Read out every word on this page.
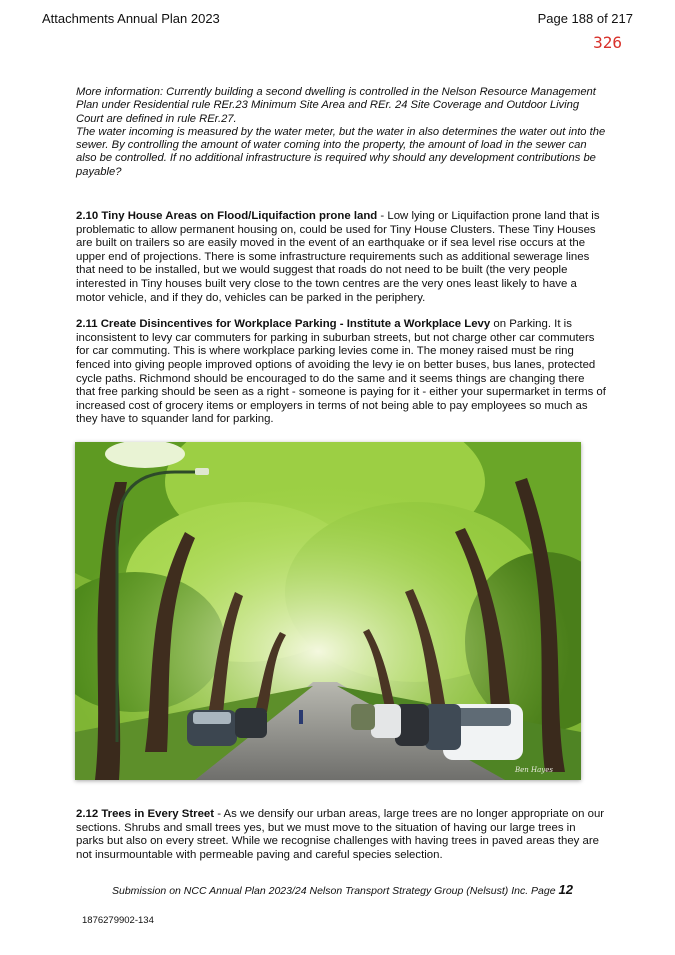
Attachments Annual Plan 2023	Page 188 of 217
326

More information: Currently building a second dwelling is controlled in the Nelson Resource Management Plan under Residential rule REr.23 Minimum Site Area and REr. 24 Site Coverage and Outdoor Living Court are defined in rule REr.27.

The water incoming is measured by the water meter, but the water in also determines the water out into the sewer. By controlling the amount of water coming into the property, the amount of load in the sewer can also be controlled. If no additional infrastructure is required why should any development contributions be payable?

2.10 Tiny House Areas on Flood/Liquifaction prone land - Low lying or Liquifaction prone land that is problematic to allow permanent housing on, could be used for Tiny House Clusters. These Tiny Houses are built on trailers so are easily moved in the event of an earthquake or if sea level rise occurs at the upper end of projections. There is some infrastructure requirements such as additional sewerage lines that need to be installed, but we would suggest that roads do not need to be built (the very people interested in Tiny houses built very close to the town centres are the very ones least likely to have a motor vehicle, and if they do, vehicles can be parked in the periphery.

2.11 Create Disincentives for Workplace Parking - Institute a Workplace Levy on Parking. It is inconsistent to levy car commuters for parking in suburban streets, but not charge other car commuters for car commuting. This is where workplace parking levies come in. The money raised must be ring fenced into giving people improved options of avoiding the levy ie on better buses, bus lanes, protected cycle paths. Richmond should be encouraged to do the same and it seems things are changing there that free parking should be seen as a right - someone is paying for it - either your supermarket in terms of increased cost of grocery items or employers in terms of not being able to pay employees so much as they have to squander land for parking.

Ben Hayes

2.12 Trees in Every Street - As we densify our urban areas, large trees are no longer appropriate on our sections. Shrubs and small trees yes, but we must move to the situation of having our large trees in parks but also on every street. While we recognise challenges with having trees in paved areas they are not insurmountable with permeable paving and careful species selection.

Submission on NCC Annual Plan 2023/24 Nelson Transport Strategy Group (Nelsust) Inc. Page 12
1876279902-134
